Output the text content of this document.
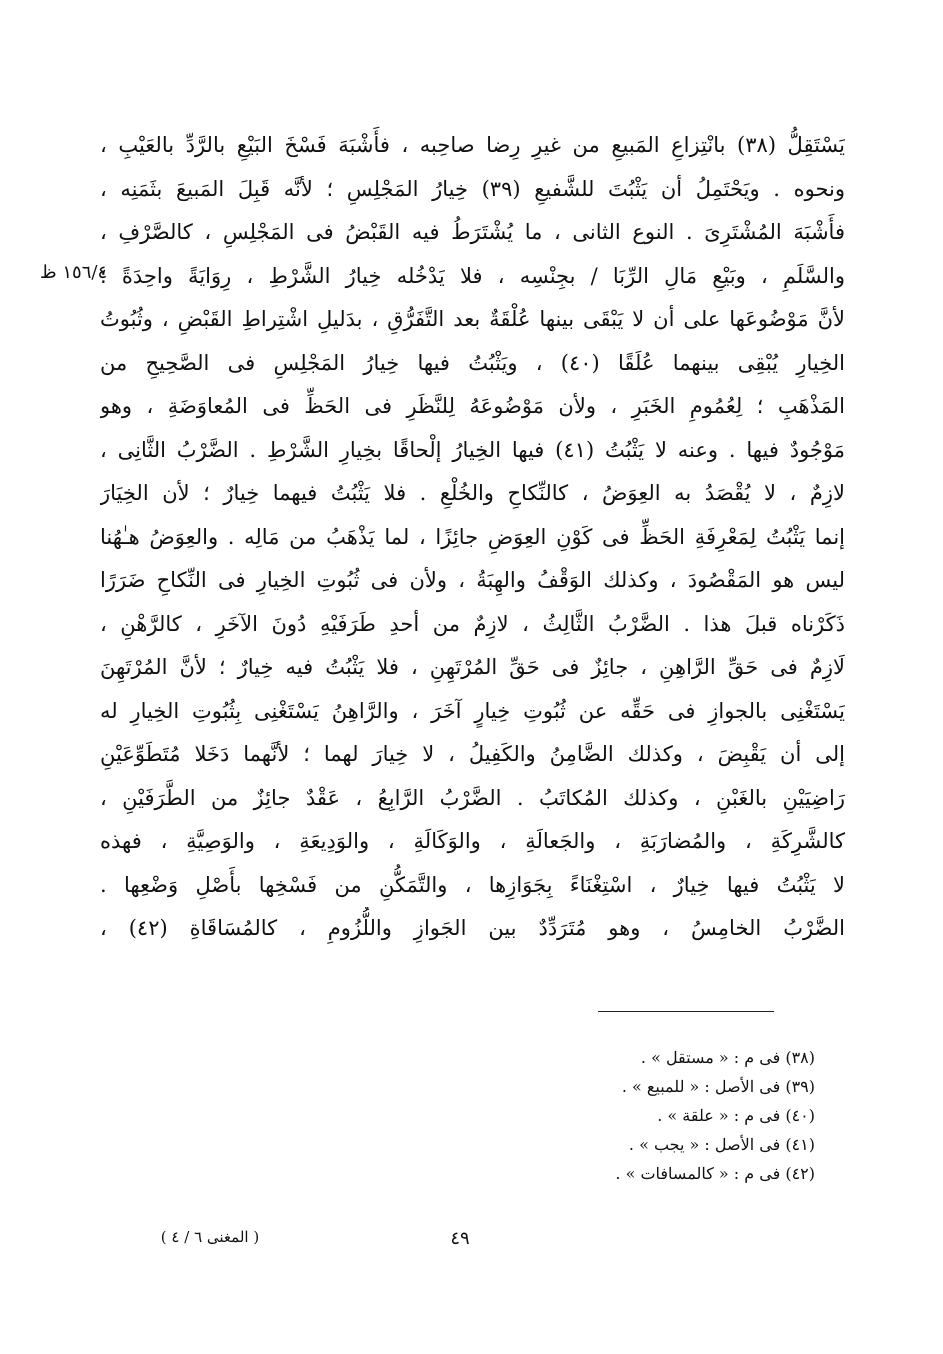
يَسْتَقِلُّ (٣٨) بانْتِزاعِ المَبيعِ من غيرِ رِضا صاحِبه ، فأَشْبَهَ فَسْخَ البَيْعِ بالرَّدِّ بالعَيْبِ ،
ونحوه . ويَحْتَمِلُ أن يَثْبُتَ للشَّفيعِ (٣٩) خِيارُ المَجْلِسِ ؛ لأنَّه قَبِلَ المَبيعَ بثَمَنِه ،
فأَشْبَهَ المُشْتَرِىَ . النوع الثانى ، ما يُشْتَرَطُ فيه القَبْضُ فى المَجْلِسِ ، كالصَّرْفِ ،
والسَّلَمِ ، وبَيْعِ مَالِ الرِّبَا / بجِنْسِه ، فلا يَدْخُله خِيارُ الشَّرْطِ ، رِوَايَةً واحِدَةً ؛
لأنَّ مَوْضُوعَها على أن لا يَبْقَى بينها عُلْقَةٌ بعد التَّفَرُّقِ ، بدَليلِ اشْتِراطِ القَبْضِ ، وثُبُوتُ
الخِيارِ يُبْقِى بينهما عُلَقًا (٤٠) ، ويَثْبُتُ فيها خِيارُ المَجْلِسِ فى الصَّحِيحِ من
المَذْهَبِ ؛ لِعُمُومِ الخَبَرِ ، ولأن مَوْضُوعَهُ لِلنَّظَرِ فى الحَظِّ فى المُعاوَضَةِ ، وهو
مَوْجُودٌ فيها . وعنه لا يَثْبُتُ (٤١) فيها الخِيارُ إلْحاقًا بخِيارِ الشَّرْطِ . الضَّرْبُ الثَّانِى ،
لازِمٌ ، لا يُقْصَدُ به العِوَضُ ، كالنِّكاحِ والخُلْعِ . فلا يَثْبُتُ فيهما خِيارٌ ؛ لأن الخِيَارَ
إنما يَثْبُتُ لِمَعْرِفَةِ الحَظِّ فى كَوْنِ العِوَضِ جائِزًا ، لما يَذْهَبُ من مَالِه . والعِوَضُ هـٰهُنا
ليس هو المَقْصُودَ ، وكذلك الوَقْفُ والهِبَةُ ، ولأن فى ثُبُوتِ الخِيارِ فى النِّكاحِ ضَرَرًا
ذَكَرْناه قبلَ هذا . الضَّرْبُ الثَّالِثُ ، لازِمٌ من أحدِ طَرَفَيْهِ دُونَ الآخَرِ ، كالرَّهْنِ ،
لَازِمٌ فى حَقِّ الرَّاهِنِ ، جائِزٌ فى حَقِّ المُرْتَهِنِ ، فلا يَثْبُتُ فيه خِيارٌ ؛ لأنَّ المُرْتَهِنَ
يَسْتَغْنِى بالجوازِ فى حَقِّه عن ثُبُوتِ خِيارٍ آخَرَ ، والرَّاهِنُ يَسْتَغْنِى بِثُبُوتِ الخِيارِ له
إلى أن يَقْبِضَ ، وكذلك الضَّامِنُ والكَفِيلُ ، لا خِيارَ لهما ؛ لأنَّهما دَخَلا مُتَطَوِّعَيْنِ
رَاضِيَيْنِ بالغَبْنِ ، وكذلك المُكاتَبُ . الضَّرْبُ الرَّابِعُ ، عَقْدٌ جائِزٌ من الطَّرَفَيْنِ ،
كالشَّرِكَةِ ، والمُضارَبَةِ ، والجَعالَةِ ، والوَكَالَةِ ، والوَدِيعَةِ ، والوَصِيَّةِ ، فهذه
لا يَثْبُتُ فيها خِيارٌ ، اسْتِغْنَاءً بِجَوَازِها ، والتَّمَكُّنِ من فَسْخِها بأَصْلِ وَضْعِها .
الضَّرْبُ الخامِسُ ، وهو مُتَرَدِّدٌ بين الجَوازِ واللُّزُومِ ، كالمُسَاقَاةِ (٤٢) ،
١٥٦/٤ ظ
(٣٨) فى م : « مستقل » .
(٣٩) فى الأصل : « للمبيع » .
(٤٠) فى م : « علقة » .
(٤١) فى الأصل : « يجب » .
(٤٢) فى م : « كالمسافات » .
٤٩
( المغنى ٦ / ٤ )
